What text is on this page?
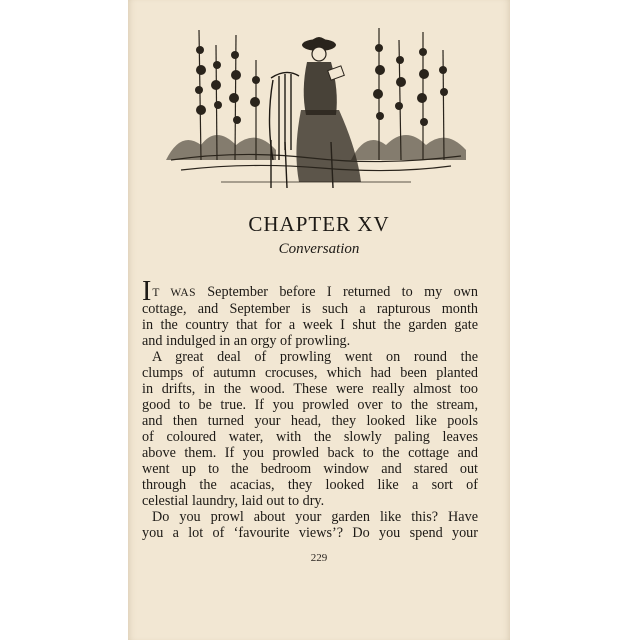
CHAPTER XV
Conversation
IT WAS September before I returned to my own
cottage, and September is such a rapturous month
in the country that for a week I shut the garden gate
and indulged in an orgy of prowling.
A great deal of prowling went on round the
clumps of autumn crocuses, which had been planted
in drifts, in the wood. These were really almost too
good to be true. If you prowled over to the stream,
and then turned your head, they looked like pools
of coloured water, with the slowly paling leaves
above them. If you prowled back to the cottage and
went up to the bedroom window and stared out
through the acacias, they looked like a sort of
celestial laundry, laid out to dry.
Do you prowl about your garden like this? Have
you a lot of ‘favourite views’? Do you spend your
229
